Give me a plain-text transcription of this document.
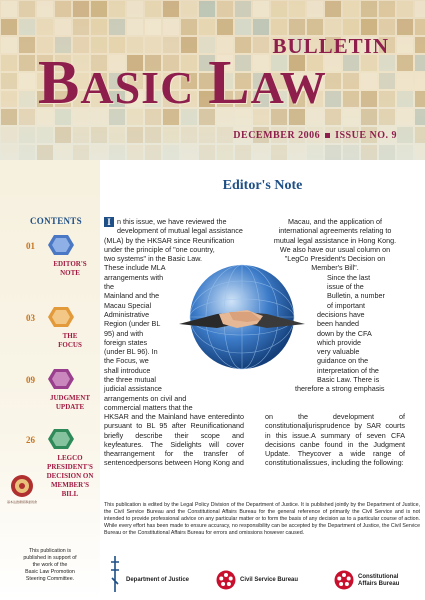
BULLETIN
BASIC LAW
DECEMBER 2006 ISSUE NO. 9
CONTENTS
01
EDITOR'S
NOTE
03
THE
FOCUS
09
JUDGMENT
UPDATE
26
LEGCO
PRESIDENT'S
DECISION ON
MEMBER'S
BILL
基本法推廣督導委員會
This publication is
published in support of
the work of the
Basic Law Promotion
Steering Committee.
Editor's Note
I n this issue, we have reviewed the
development of mutual legal assistance
(MLA) by the HKSAR since Reunification
under the principle of "one country,
two systems" in the Basic Law.
These include MLA
arrangements with the
Mainland and the
Macau Special
Administrative
Region (under BL
95) and with
foreign states
(under BL 96). In
the Focus, we
shall introduce
the three mutual
judicial assistance
arrangements on civil and
commercial matters that the
Macau, and the application of
international agreements relating to
mutual legal assistance in Hong Kong.
We also have our usual column on
"LegCo President's Decision on
Member's Bill".
Since the last
issue of the
Bulletin, a number
of important
decisions have
been handed
down by the CFA
which provide
very valuable
guidance on the
interpretation of the
Basic Law. There is
therefore a strong emphasis
HKSAR and the Mainland have enteredinto pursuant to BL 95 after Reunificationand briefly describe their scope and keyfeatures. The Sidelights will cover thearrangement for the transfer of sentencedpersons between Hong Kong and
on the development of constitutionaljurisprudence by SAR courts in this issue.A summary of seven CFA decisions canbe found in the Judgment Update. Theycover a wide range of constitutionalissues, including the following:
This publication is edited by the Legal Policy Division of the Department of Justice. It is published jointly by the Department of Justice, the Civil Service Bureau and the Constitutional Affairs Bureau for the general reference of primarily the Civil Service and is not intended to provide professional advice on any particular matter or to form the basis of any decision as to a particular course of action. While every effort has been made to ensure accuracy, no responsibility can be accepted by the Department of Justice, the Civil Service Bureau or the Constitutional Affairs Bureau for errors and omissions however caused.
Department of Justice	Civil Service Bureau	Constitutional
Affairs Bureau
